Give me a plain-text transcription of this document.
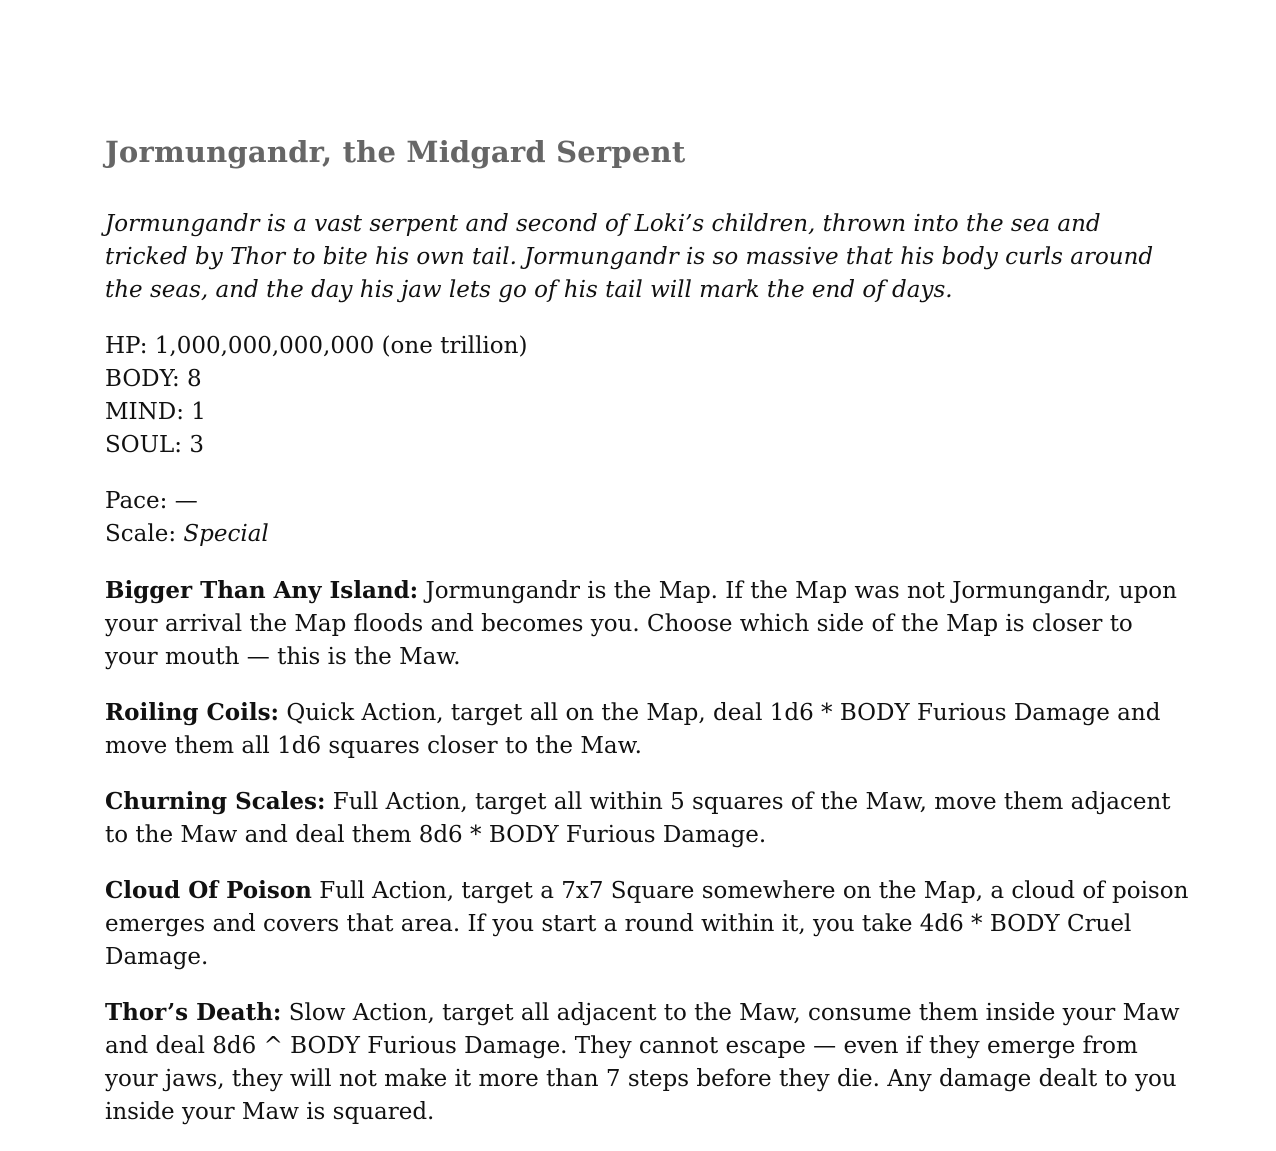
Jormungandr, the Midgard Serpent

Jormungandr is a vast serpent and second of Loki’s children, thrown into the sea and tricked by Thor to bite his own tail. Jormungandr is so massive that his body curls around the seas, and the day his jaw lets go of his tail will mark the end of days.

HP: 1,000,000,000,000 (one trillion)
BODY: 8
MIND: 1
SOUL: 3
Pace: —
Scale: Special

Bigger Than Any Island: Jormungandr is the Map. If the Map was not Jormungandr, upon your arrival the Map floods and becomes you. Choose which side of the Map is closer to your mouth — this is the Maw.

Roiling Coils: Quick Action, target all on the Map, deal 1d6 * BODY Furious Damage and move them all 1d6 squares closer to the Maw.

Churning Scales: Full Action, target all within 5 squares of the Maw, move them adjacent to the Maw and deal them 8d6 * BODY Furious Damage.

Cloud Of Poison Full Action, target a 7x7 Square somewhere on the Map, a cloud of poison emerges and covers that area. If you start a round within it, you take 4d6 * BODY Cruel Damage.

Thor’s Death: Slow Action, target all adjacent to the Maw, consume them inside your Maw and deal 8d6 ^ BODY Furious Damage. They cannot escape — even if they emerge from your jaws, they will not make it more than 7 steps before they die. Any damage dealt to you inside your Maw is squared.
